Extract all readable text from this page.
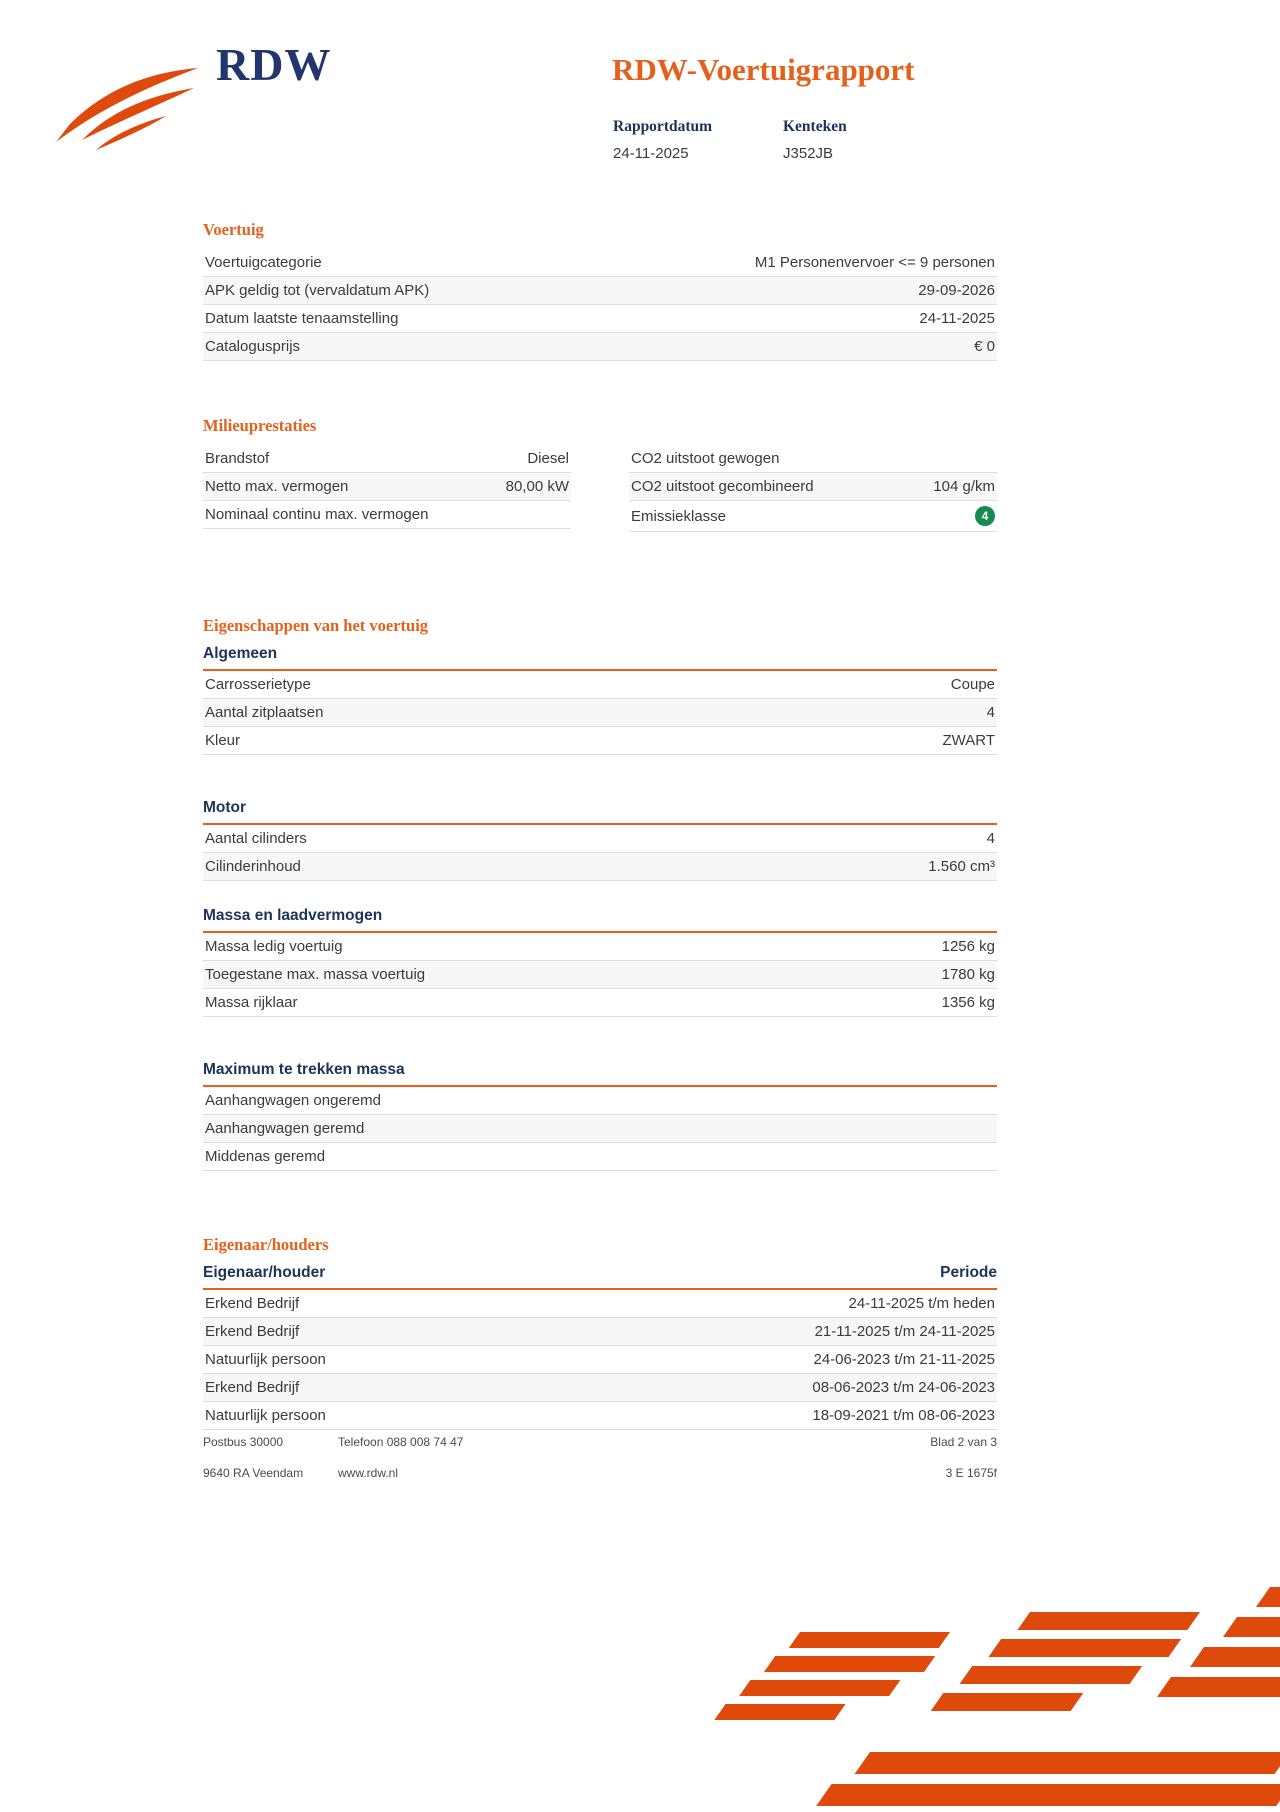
RDW	RDW-Voertuigrapport
Rapportdatum
24-11-2025
Kenteken
J352JB
Voertuig
Voertuigcategorie	M1 Personenvervoer <= 9 personen
APK geldig tot (vervaldatum APK)	29-09-2026
Datum laatste tenaamstelling	24-11-2025
Catalogusprijs	€ 0
Milieuprestaties
Brandstof	Diesel
Netto max. vermogen	80,00 kW
Nominaal continu max. vermogen
CO2 uitstoot gewogen
CO2 uitstoot gecombineerd	104 g/km
Emissieklasse	4
Eigenschappen van het voertuig
Algemeen
Carrosserietype	Coupe
Aantal zitplaatsen	4
Kleur	ZWART
Motor
Aantal cilinders	4
Cilinderinhoud	1.560 cm³
Massa en laadvermogen
Massa ledig voertuig	1256 kg
Toegestane max. massa voertuig	1780 kg
Massa rijklaar	1356 kg
Maximum te trekken massa
Aanhangwagen ongeremd
Aanhangwagen geremd
Middenas geremd
Eigenaar/houders
Eigenaar/houder	Periode
Erkend Bedrijf	24-11-2025 t/m heden
Erkend Bedrijf	21-11-2025 t/m 24-11-2025
Natuurlijk persoon	24-06-2023 t/m 21-11-2025
Erkend Bedrijf	08-06-2023 t/m 24-06-2023
Natuurlijk persoon	18-09-2021 t/m 08-06-2023
Postbus 30000
9640 RA Veendam
Telefoon 088 008 74 47
www.rdw.nl
Blad 2 van 3
3 E 1675f
